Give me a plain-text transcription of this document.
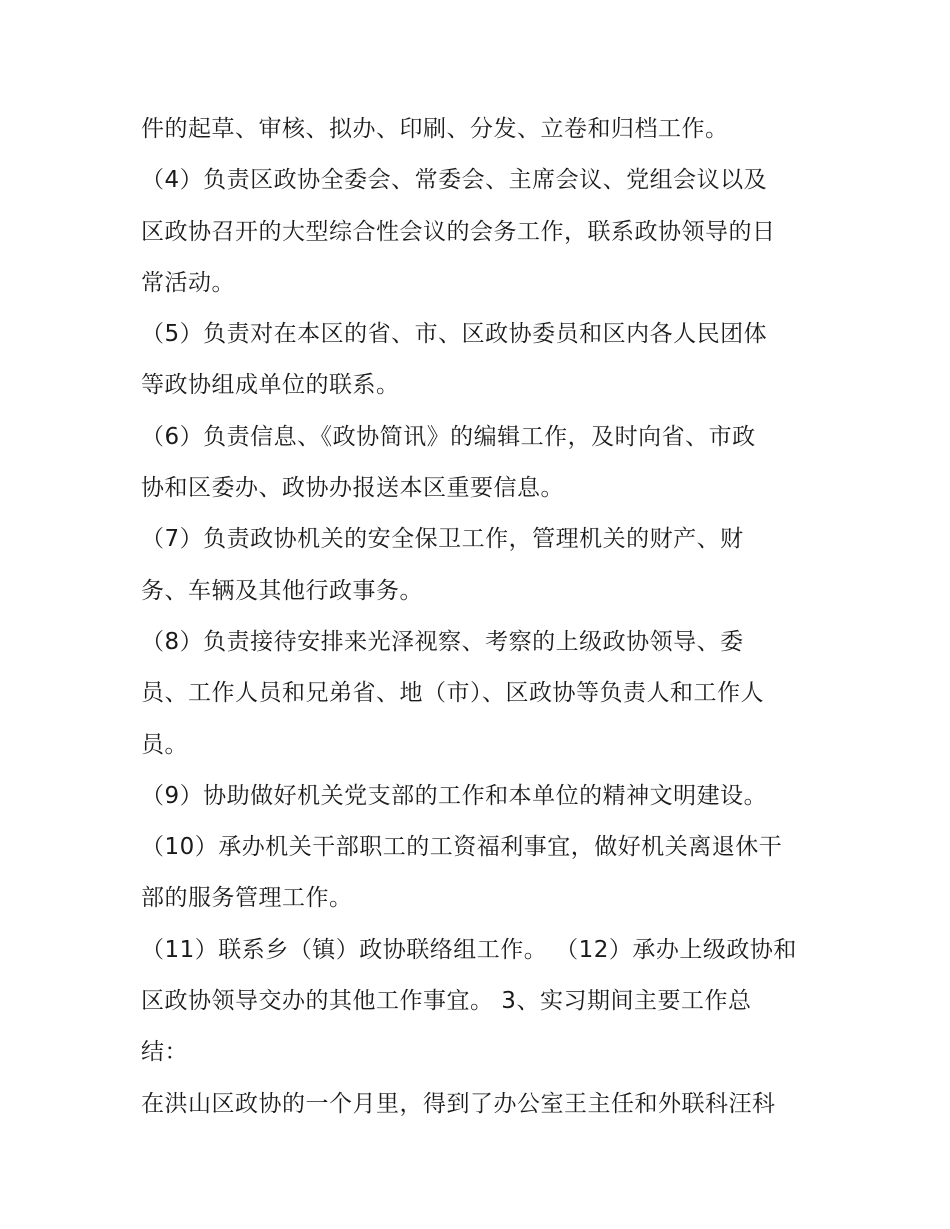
件的起草、审核、拟办、印刷、分发、立卷和归档工作。
（4）负责区政协全委会、常委会、主席会议、党组会议以及
区政协召开的大型综合性会议的会务工作，联系政协领导的日
常活动。
（5）负责对在本区的省、市、区政协委员和区内各人民团体
等政协组成单位的联系。
（6）负责信息、《政协简讯》的编辑工作，及时向省、市政
协和区委办、政协办报送本区重要信息。
（7）负责政协机关的安全保卫工作，管理机关的财产、财
务、车辆及其他行政事务。
（8）负责接待安排来光泽视察、考察的上级政协领导、委
员、工作人员和兄弟省、地（市）、区政协等负责人和工作人
员。
（9）协助做好机关党支部的工作和本单位的精神文明建设。
（10）承办机关干部职工的工资福利事宜，做好机关离退休干
部的服务管理工作。
（11）联系乡（镇）政协联络组工作。 （12）承办上级政协和
区政协领导交办的其他工作事宜。 3、实习期间主要工作总
结：
在洪山区政协的一个月里，得到了办公室王主任和外联科汪科
